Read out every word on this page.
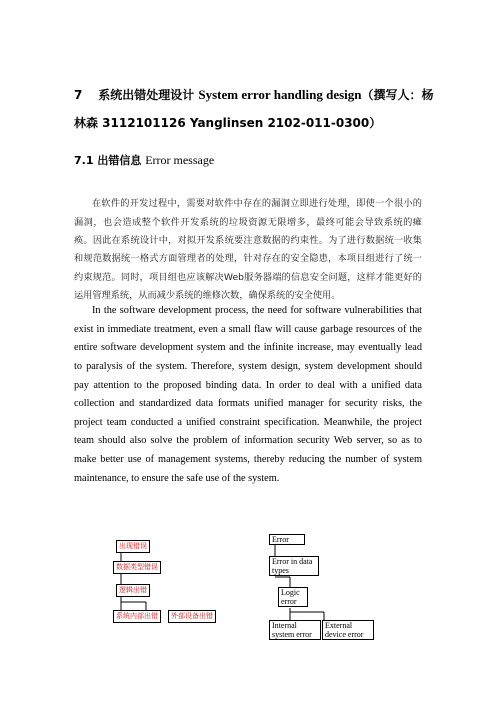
7 系统出错处理设计 System error handling design（撰写人：杨林森 3112101126 Yanglinsen 2102-011-0300）
7.1 出错信息 Error message

在软件的开发过程中，需要对软件中存在的漏洞立即进行处理，即使一个很小的漏洞，也会造成整个软件开发系统的垃圾资源无限增多，最终可能会导致系统的瘫痪。因此在系统设计中，对拟开发系统要注意数据的约束性。为了进行数据统一收集和规范数据统一格式方面管理者的处理，针对存在的安全隐患，本项目组进行了统一约束规范。同时，项目组也应该解决Web服务器端的信息安全问题，这样才能更好的运用管理系统，从而减少系统的维修次数，确保系统的安全使用。

In the software development process, the need for software vulnerabilities that exist in immediate treatment, even a small flaw will cause garbage resources of the entire software development system and the infinite increase, may eventually lead to paralysis of the system. Therefore, system design, system development should pay attention to the proposed binding data. In order to deal with a unified data collection and standardized data formats unified manager for security risks, the project team conducted a unified constraint specification. Meanwhile, the project team should also solve the problem of information security Web server, so as to make better use of management systems, thereby reducing the number of system maintenance, to ensure the safe use of the system.

出现错误
数据类型错误
逻辑出错
系统内部出错	外部设备出错
Error
Error in data types
Logic error
Internal system error
External device error
